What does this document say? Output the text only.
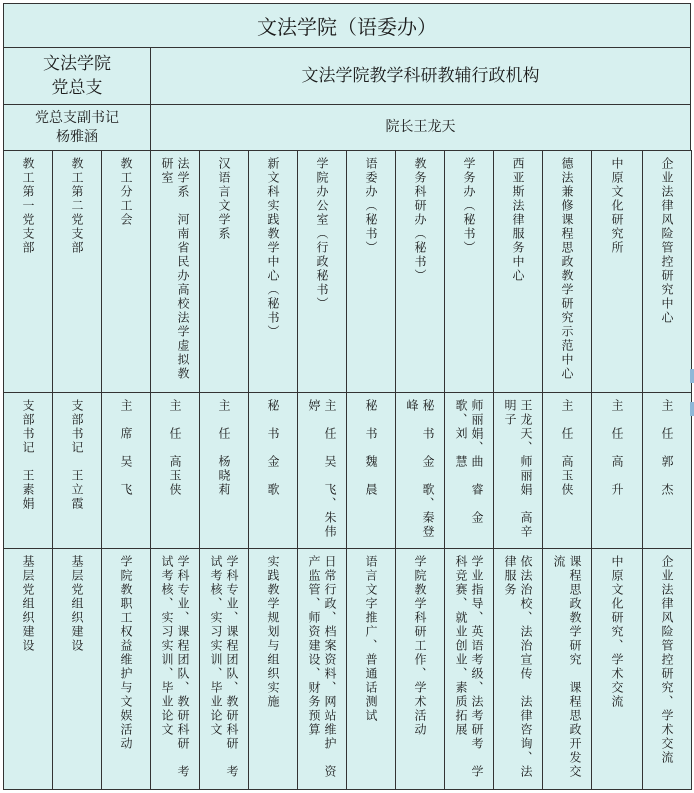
文法学院（语委办）
文法学院党总支
文法学院教学科研教辅行政机构
党总支副书记
杨雅涵
院长王龙天
教工第一党支部
支部书记　王素娟
基层党组织建设
教工第二党支部
支部书记　王立霞
基层党组织建设
教工分工会
主　席　吴　飞
学院教职工权益维护与文娱活动
法学系　河南省民办高校法学虚拟教研室
主　任　高玉侠
学科专业、课程团队、教研科研　考试考核、实习实训、毕业论文
汉语言文学系
主　任　杨晓莉
学科专业、课程团队、教研科研　考试考核、实习实训、毕业论文
新文科实践教学中心（秘书）
秘　书　金　歌
实践教学规划与组织实施
学院办公室（行政秘书）
主　任　吴　飞、朱伟婷
日常行政、档案资料、网站维护　资产监管、师资建设、财务预算
语委办（秘书）
秘　书　魏　晨
语言文字推广、普通话测试
教务科研办（秘书）
秘　书　金　歌、秦登峰
学院教学科研工作、学术活动
学务办（秘书）
师丽娟、曲　睿　金　歌、刘　慧
学业指导、英语考级、法考研考　学科竞赛、就业创业、素质拓展
西亚斯法律服务中心
王龙天、师丽娟　高辛明子
依法治校、法治宣传　法律咨询、法律服务
德法兼修课程思政教学研究示范中心
主　任　高玉侠
课程思政教学研究　课程思政开发交流
中原文化研究所
主　任　高　升
中原文化研究、学术交流
企业法律风险管控研究中心
主　任　郭　杰
企业法律风险管控研究、学术交流
